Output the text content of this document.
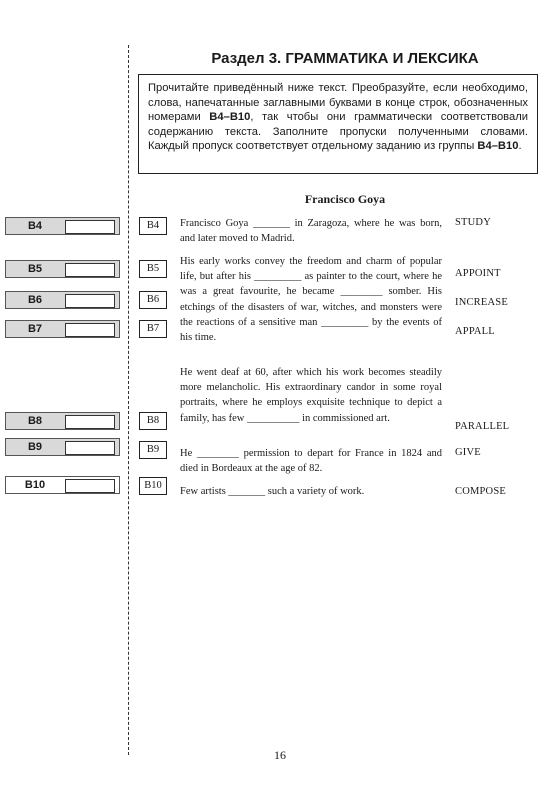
Раздел 3. ГРАММАТИКА И ЛЕКСИКА
Прочитайте приведённый ниже текст. Преобразуйте, если необходимо, слова, напечатанные заглавными буквами в конце строк, обозначенных номерами B4–B10, так чтобы они грамматически соответствовали содержанию текста. Заполните пропуски полученными словами. Каждый пропуск соответствует отдельному заданию из группы B4–B10.
Francisco Goya
B4
B5
B6
B7
B8
B9
B10
B4
B5
B6
B7
B8
B9
B10
Francisco Goya _______ in Zaragoza, where he was born, and later moved to Madrid.
His early works convey the freedom and charm of popular life, but after his _________ as painter to the court, where he was a great favourite, he became ________ somber. His etchings of the disasters of war, witches, and monsters were the reactions of a sensitive man _________ by the events of his time.
He went deaf at 60, after which his work becomes steadily more melancholic. His extraordinary candor in some royal portraits, where he employs exquisite technique to depict a family, has few __________ in commissioned art.
He ________ permission to depart for France in 1824 and died in Bordeaux at the age of 82.
Few artists _______ such a variety of work.
STUDY
APPOINT
INCREASE
APPALL
PARALLEL
GIVE
COMPOSE
16
